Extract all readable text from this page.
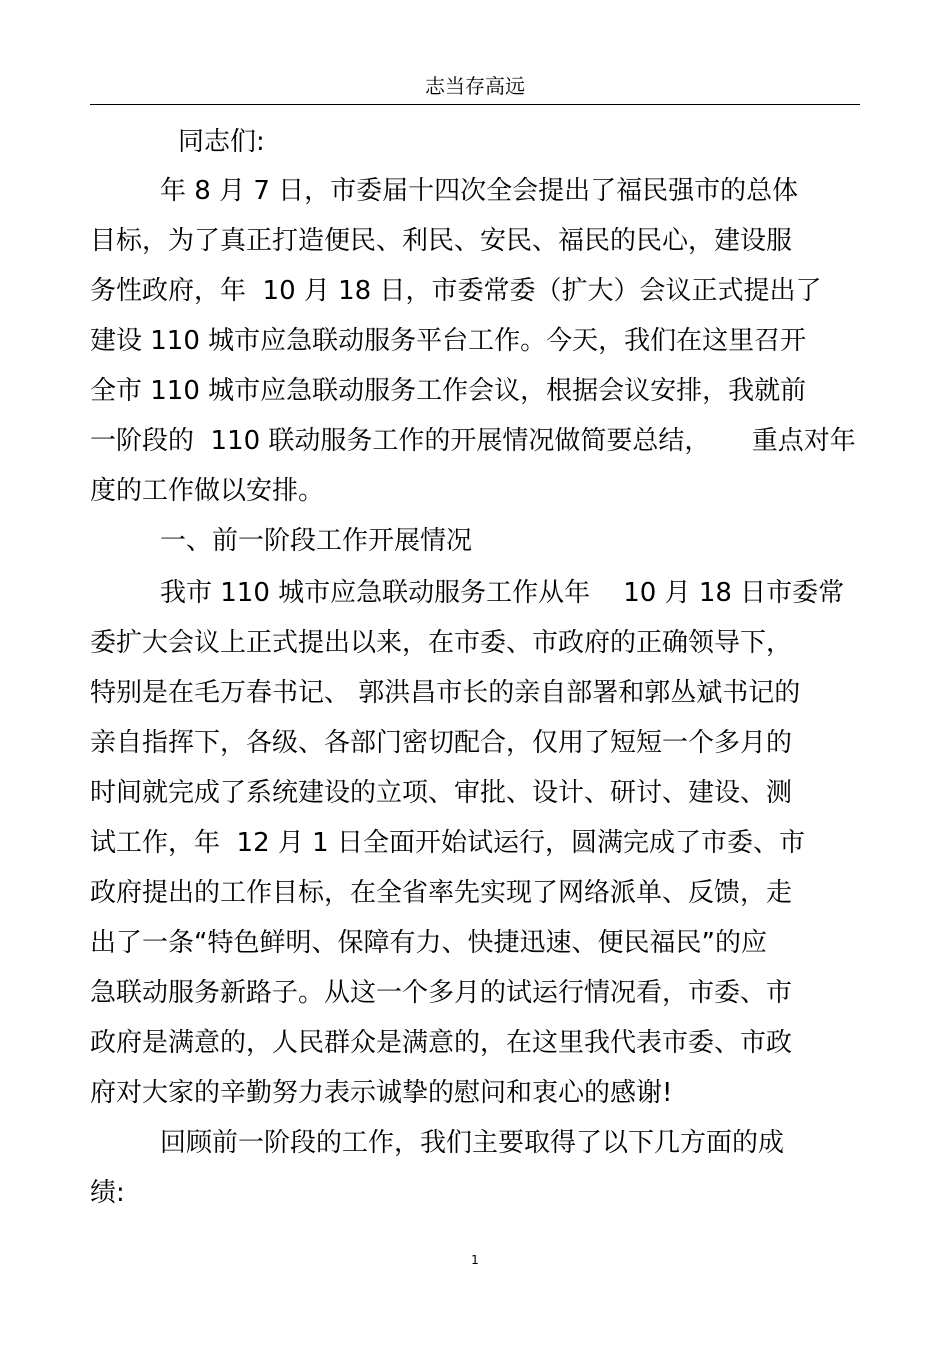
志当存高远
同志们:
年 8 月 7 日，市委届十四次全会提出了福民强市的总体
目标，为了真正打造便民、利民、安民、福民的民心，建设服
务性政府，年  10 月 18 日，市委常委（扩大）会议正式提出了
建设 110 城市应急联动服务平台工作。今天，我们在这里召开
全市 110 城市应急联动服务工作会议，根据会议安排，我就前
一阶段的  110 联动服务工作的开展情况做简要总结，     重点对年
度的工作做以安排。
一、前一阶段工作开展情况
我市 110 城市应急联动服务工作从年    10 月 18 日市委常
委扩大会议上正式提出以来，在市委、市政府的正确领导下，
特别是在毛万春书记、 郭洪昌市长的亲自部署和郭丛斌书记的
亲自指挥下，各级、各部门密切配合，仅用了短短一个多月的
时间就完成了系统建设的立项、审批、设计、研讨、建设、测
试工作，年  12 月 1 日全面开始试运行，圆满完成了市委、市
政府提出的工作目标，在全省率先实现了网络派单、反馈，走
出了一条“特色鲜明、保障有力、快捷迅速、便民福民”的应
急联动服务新路子。从这一个多月的试运行情况看，市委、市
政府是满意的，人民群众是满意的，在这里我代表市委、市政
府对大家的辛勤努力表示诚挚的慰问和衷心的感谢!
回顾前一阶段的工作，我们主要取得了以下几方面的成
绩:
1
